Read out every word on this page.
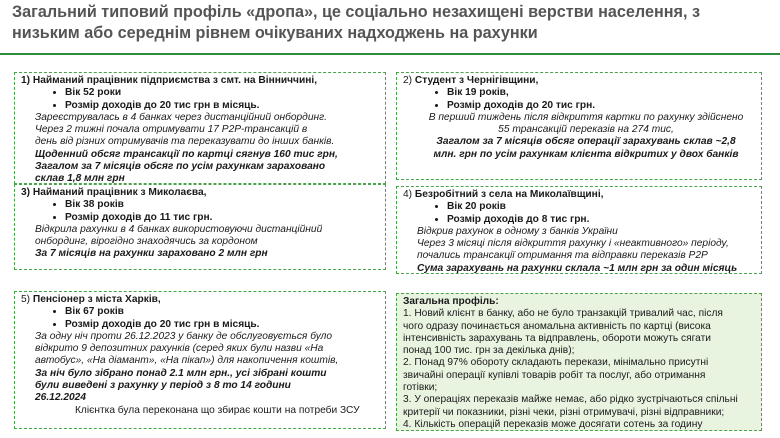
Загальний типовий профіль «дропа», це соціально незахищені верстви населення, з низьким або середнім рівнем очікуваних надходжень на рахунки
1) Найманий працівник підприємства з смт. на Вінниччині,
• Вік 52 роки
• Розмір доходів до 20 тис грн в місяць.

Зареєструвалась в 4 банках через дистанційний онбординг.

Через 2 тижні почала отримувати 17 P2P-трансакцій в

день від різних отримувачів та переказувати до інших банків.

Щоденний обсяг трансакції по картці сягнув 160 тис грн,

Загалом за 7 місяців обсяг по усім рахункам зараховано

склав 1,8 млн грн

2) Студент з Чернігівщини,
• Вік 19 років,
• Розмір доходів до 20 тис грн.

В перший тиждень після відкриття картки по рахунку здійснено

55 трансакцій переказів на 274 тис,

Загалом за 7 місяців обсяг операції зарахувань склав ~2,8

млн. грн по усім рахункам клієнта відкритих у двох банків

3) Найманий працівник з Миколаєва,
• Вік 38 років
• Розмір доходів до 11 тис грн.

Відкрила рахунки в 4 банках використовуючи дистанційний

онбординг, вірогідно знаходячись за кордоном

За 7 місяців на рахунки зараховано 2 млн грн

4) Безробітний з села на Миколаївщині,
• Вік 20 років
• Розмір доходів до 8 тис грн.

Відкрив рахунок в одному з банків України

Через 3 місяці після відкриття рахунку і «неактивного» періоду,

почались трансакції отримання та відправки переказів P2P

Сума зарахувань на рахунки склала ~1 млн грн за один місяць

5) Пенсіонер з міста Харків,
• Вік 67 років
• Розмір доходів до 20 тис грн в місяць.

За одну ніч проти 26.12.2023 у банку де обслуговується було

відкрито 9 депозитних рахунків (серед яких були назви «На

автобус», «На діамант», «На пікап») для накопичення коштів,

За ніч було зібрано понад 2.1 млн грн., усі зібрані кошти

були виведені з рахунку у період з 8 то 14 години

26.12.2024

Клієнтка була переконана що збирає кошти на потреби ЗСУ

Загальна профіль:

1. Новий клієнт в банку, або не було транзакцій тривалий час, після

чого одразу починається аномальна активність по картці (висока

інтенсивність зарахувань та відправлень, обороти можуть сягати

понад 100 тис. грн за декілька днів);

2. Понад 97% обороту складають перекази, мінімально присутні

звичайні операції купівлі товарів робіт та послуг, або отримання

готівки;

3. У операціях переказів майже немає, або рідко зустрічаються спільні

критерії чи показники, різні чеки, різні отримувачі, різні відправники;

4. Кількість операцій переказів може досягати сотень за годину
